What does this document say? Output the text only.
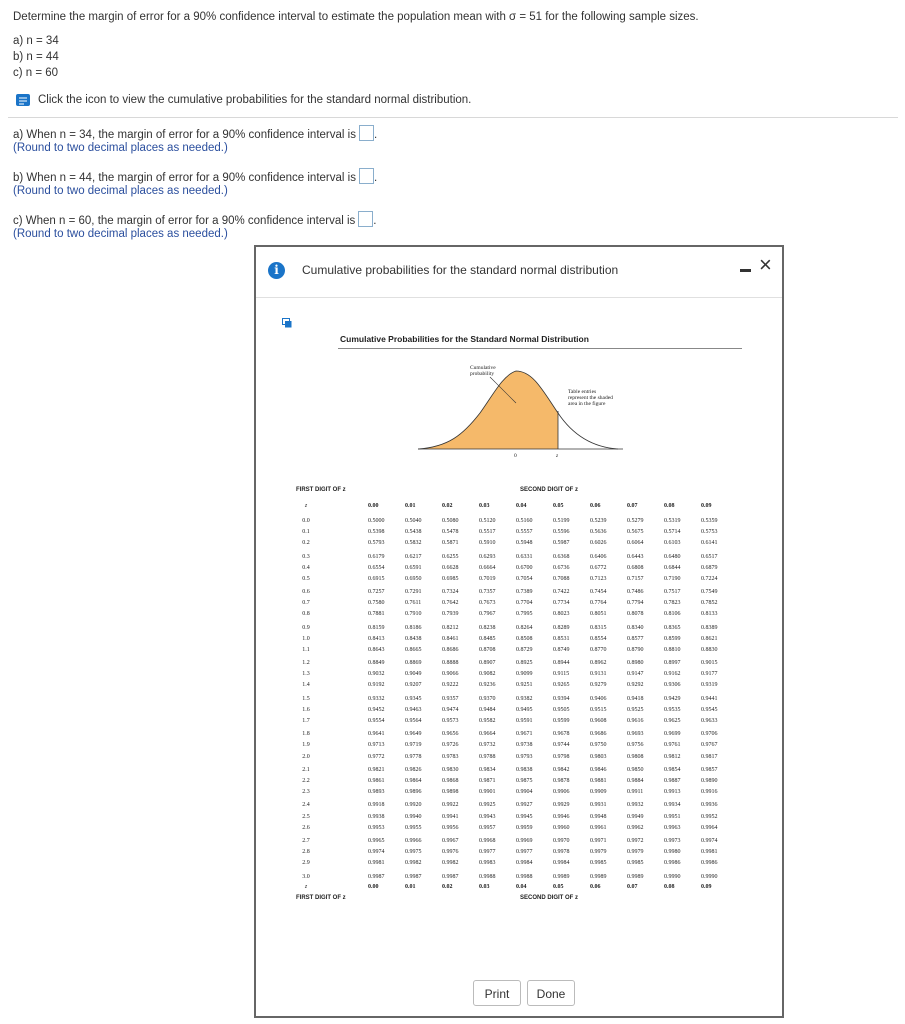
Determine the margin of error for a 90% confidence interval to estimate the population mean with σ = 51 for the following sample sizes.
a) n = 34
b) n = 44
c) n = 60
Click the icon to view the cumulative probabilities for the standard normal distribution.
a) When n = 34, the margin of error for a 90% confidence interval is .
(Round to two decimal places as needed.)
b) When n = 44, the margin of error for a 90% confidence interval is .
(Round to two decimal places as needed.)
c) When n = 60, the margin of error for a 90% confidence interval is .
(Round to two decimal places as needed.)
i	Cumulative probabilities for the standard normal distribution	×
Cumulative Probabilities for the Standard Normal Distribution
Cumulative
probability
Table entries
represent the shaded
area in the figure
0	z
FIRST DIGIT OF z	SECOND DIGIT OF z
z	0.00	0.01	0.02	0.03	0.04	0.05	0.06	0.07	0.08	0.09
0.0	0.5000	0.5040	0.5080	0.5120	0.5160	0.5199	0.5239	0.5279	0.5319	0.5359
0.1	0.5398	0.5438	0.5478	0.5517	0.5557	0.5596	0.5636	0.5675	0.5714	0.5753
0.2	0.5793	0.5832	0.5871	0.5910	0.5948	0.5987	0.6026	0.6064	0.6103	0.6141
0.3	0.6179	0.6217	0.6255	0.6293	0.6331	0.6368	0.6406	0.6443	0.6480	0.6517
0.4	0.6554	0.6591	0.6628	0.6664	0.6700	0.6736	0.6772	0.6808	0.6844	0.6879
0.5	0.6915	0.6950	0.6985	0.7019	0.7054	0.7088	0.7123	0.7157	0.7190	0.7224
0.6	0.7257	0.7291	0.7324	0.7357	0.7389	0.7422	0.7454	0.7486	0.7517	0.7549
0.7	0.7580	0.7611	0.7642	0.7673	0.7704	0.7734	0.7764	0.7794	0.7823	0.7852
0.8	0.7881	0.7910	0.7939	0.7967	0.7995	0.8023	0.8051	0.8078	0.8106	0.8133
0.9	0.8159	0.8186	0.8212	0.8238	0.8264	0.8289	0.8315	0.8340	0.8365	0.8389
1.0	0.8413	0.8438	0.8461	0.8485	0.8508	0.8531	0.8554	0.8577	0.8599	0.8621
1.1	0.8643	0.8665	0.8686	0.8708	0.8729	0.8749	0.8770	0.8790	0.8810	0.8830
1.2	0.8849	0.8869	0.8888	0.8907	0.8925	0.8944	0.8962	0.8980	0.8997	0.9015
1.3	0.9032	0.9049	0.9066	0.9082	0.9099	0.9115	0.9131	0.9147	0.9162	0.9177
1.4	0.9192	0.9207	0.9222	0.9236	0.9251	0.9265	0.9279	0.9292	0.9306	0.9319
1.5	0.9332	0.9345	0.9357	0.9370	0.9382	0.9394	0.9406	0.9418	0.9429	0.9441
1.6	0.9452	0.9463	0.9474	0.9484	0.9495	0.9505	0.9515	0.9525	0.9535	0.9545
1.7	0.9554	0.9564	0.9573	0.9582	0.9591	0.9599	0.9608	0.9616	0.9625	0.9633
1.8	0.9641	0.9649	0.9656	0.9664	0.9671	0.9678	0.9686	0.9693	0.9699	0.9706
1.9	0.9713	0.9719	0.9726	0.9732	0.9738	0.9744	0.9750	0.9756	0.9761	0.9767
2.0	0.9772	0.9778	0.9783	0.9788	0.9793	0.9798	0.9803	0.9808	0.9812	0.9817
2.1	0.9821	0.9826	0.9830	0.9834	0.9838	0.9842	0.9846	0.9850	0.9854	0.9857
2.2	0.9861	0.9864	0.9868	0.9871	0.9875	0.9878	0.9881	0.9884	0.9887	0.9890
2.3	0.9893	0.9896	0.9898	0.9901	0.9904	0.9906	0.9909	0.9911	0.9913	0.9916
2.4	0.9918	0.9920	0.9922	0.9925	0.9927	0.9929	0.9931	0.9932	0.9934	0.9936
2.5	0.9938	0.9940	0.9941	0.9943	0.9945	0.9946	0.9948	0.9949	0.9951	0.9952
2.6	0.9953	0.9955	0.9956	0.9957	0.9959	0.9960	0.9961	0.9962	0.9963	0.9964
2.7	0.9965	0.9966	0.9967	0.9968	0.9969	0.9970	0.9971	0.9972	0.9973	0.9974
2.8	0.9974	0.9975	0.9976	0.9977	0.9977	0.9978	0.9979	0.9979	0.9980	0.9981
2.9	0.9981	0.9982	0.9982	0.9983	0.9984	0.9984	0.9985	0.9985	0.9986	0.9986
3.0	0.9987	0.9987	0.9987	0.9988	0.9988	0.9989	0.9989	0.9989	0.9990	0.9990
z	0.00	0.01	0.02	0.03	0.04	0.05	0.06	0.07	0.08	0.09
FIRST DIGIT OF z	SECOND DIGIT OF z
Print	Done
